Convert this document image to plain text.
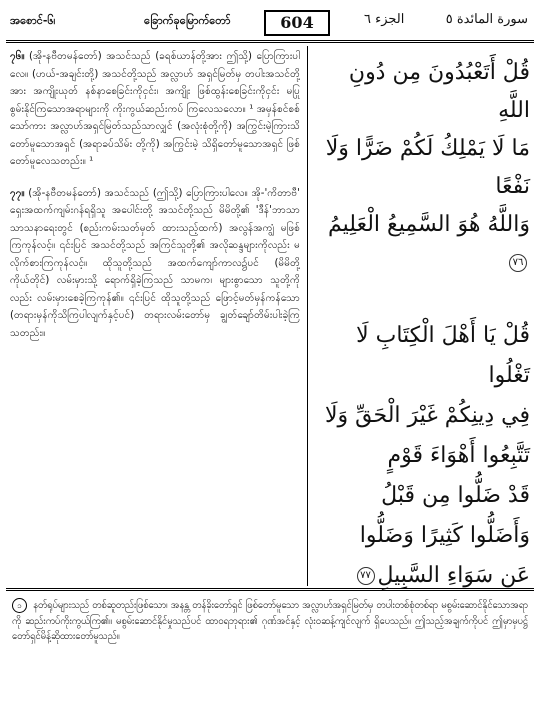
အစောင်-၆၊	ခြောက်ခုမြောက်တော်	604	الجزء ٦	سورة المائدة ٥

၇၆။ (အို-နဗီတမန်တော်) အသင်သည် (ခရစ်ယာန်တို့အား ဤသို့) ပြောကြားပါလေ။ (ဟယ်-အချင်းတို့) အသင်တို့သည် အလ္လာဟ် အရှင်မြတ်မှ တပါးအသင်တို့အား အကျိုးယုတ် နစ်နာစေခြင်းကိုငှင်း၊ အကျိုး ဖြစ်ထွန်းစေခြင်းကိုငှင်း မပြုစွမ်းနိုင်ကြသောအရာများကို ကိုးကွယ်ဆည်းကပ် ကြလေသလော။ ¹ အမှန်စင်စစ်သော်ကား အလ္လာဟ်အရှင်မြတ်သည်သာလျှင် (အလုံးစုံတို့ကို) အကြွင်းမဲ့ကြားသိတော်မူသောအရှင် (အရာခပ်သိမ်း တို့ကို) အကြွင်းမဲ့ သိရှိတော်မူသောအရှင် ဖြစ်တော်မူလေသတည်း။ ¹

၇၇။ (အို-နဗီတမန်တော်) အသင်သည် (ဤသို့) ပြောကြားပါလေ။ အို-'ကိတာဗီ' ရှေးအထက်ကျမ်းဂန်ရရှိသူ အပေါင်းတို့ အသင်တို့သည် မိမိတို့၏ 'ဒီန်'ဘာသာ သာသနာရေးတွင် (စည်းကမ်းသတ်မှတ် ထားသည့်ထက်) အလွန်အကျွံ မဖြစ်ကြကုန်လင့်။ ၎င်းပြင် အသင်တို့သည် အကြင်သူတို့၏ အလိုဆန္ဒများကိုလည်း မလိုက်စားကြကုန်လင့်။ ထိုသူတို့သည် အထက်ကျော်ကာလ၌ပင် (မိမိတို့ကိုယ်တိုင်) လမ်းမှားသို့ ရောက်ရှိခဲ့ကြသည် သာမက၊ များစွာသော သူတို့ကိုလည်း လမ်းမှားစေခဲ့ကြကုန်၏။ ၎င်းပြင် ထိုသူတို့သည် ဖြောင့်မတ်မှန်ကန်သော (တရားမှန်ကိုသိကြပါလျက်နှင့်ပင်) တရားလမ်းတော်မှ ချွတ်ချော်တိမ်းပါးခဲ့ကြသတည်း။

قُلْ أَتَعْبُدُونَ مِن دُونِ اللَّهِ
مَا لَا يَمْلِكُ لَكُمْ ضَرًّا وَلَا نَفْعًا
وَاللَّهُ هُوَ السَّمِيعُ الْعَلِيمُ٧٦
قُلْ يَا أَهْلَ الْكِتَابِ لَا تَغْلُوا
فِي دِينِكُمْ غَيْرَ الْحَقِّ وَلَا
تَتَّبِعُوا أَهْوَاءَ قَوْمٍ
قَدْ ضَلُّوا مِن قَبْلُ
وَأَضَلُّوا كَثِيرًا وَضَلُّوا
عَن سَوَاءِ السَّبِيلِ٧٧

၁ နတ်ရုပ်များသည် တစ်ဆူတည်းဖြစ်သော၊ အနန္တ တန်ခိုးတော်ရှင် ဖြစ်တော်မူသော အလ္လာဟ်အရှင်မြတ်မှ တပါးတစ်စုံတစ်ရာ မစွမ်းဆောင်နိုင်သောအရာကို ဆည်းကပ်ကိုးကွယ်ကြ၏။ မစွမ်းဆောင်နိုင်မှုသည်ပင် ထာဝရဘုရား၏ ဂုဏ်အင်နှင့် လုံးဝဆန့်ကျင်လျက် ရှိပေသည်။ ဤသည့်အချက်ကိုပင် ဤမှာမှပဋ္ဌ်တော်ရှင်မိန့်ဆိုထားတော်မူသည်။
